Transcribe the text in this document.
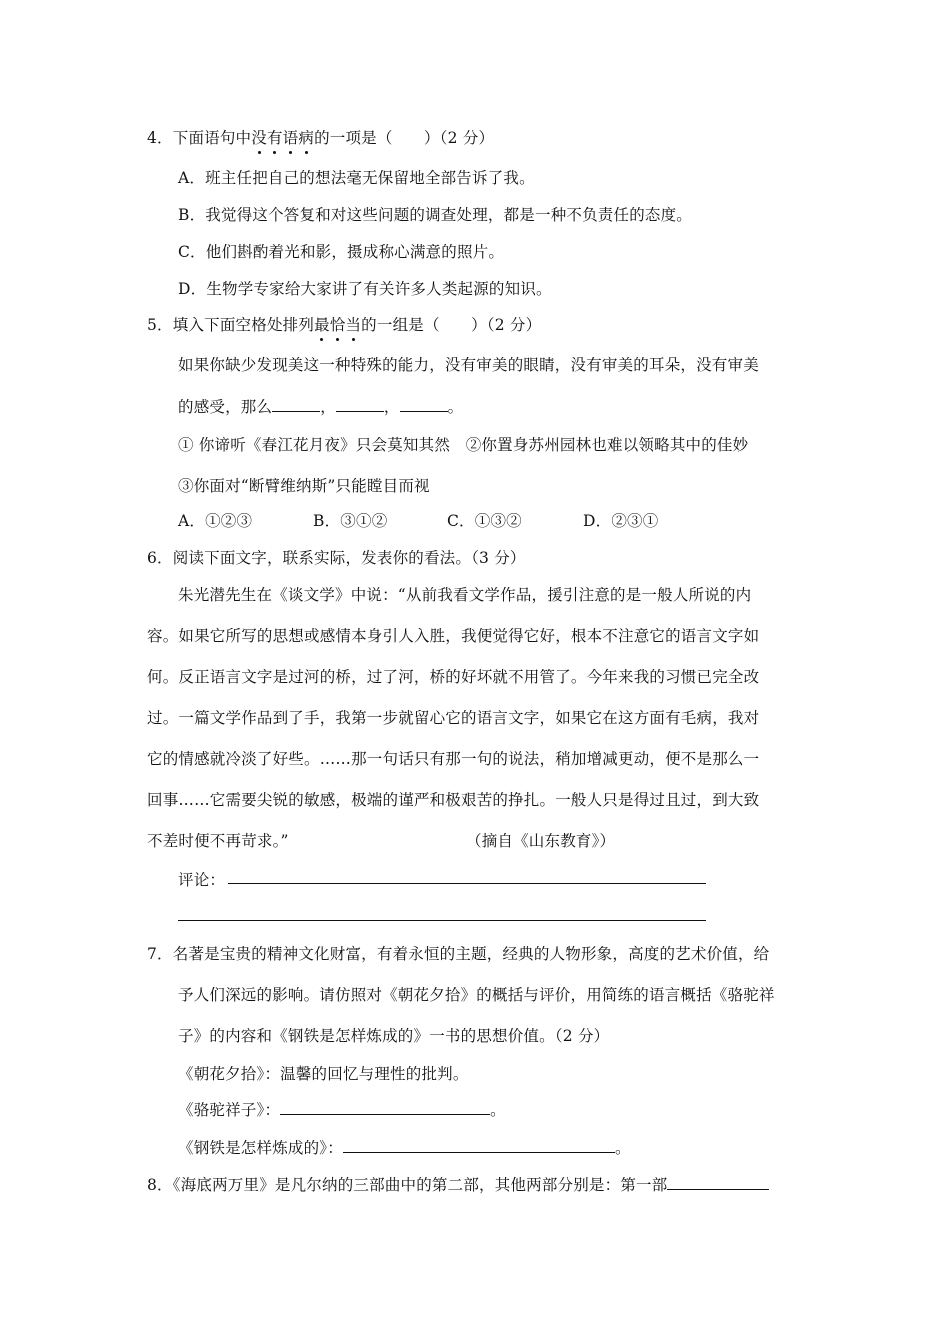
4．下面语句中没有语病的一项是（　　）（2 分）
A．班主任把自己的想法毫无保留地全部告诉了我。
B．我觉得这个答复和对这些问题的调查处理，都是一种不负责任的态度。
C．他们斟酌着光和影，摄成称心满意的照片。
D．生物学专家给大家讲了有关许多人类起源的知识。
5．填入下面空格处排列最恰当的一组是（　　）（2 分）
如果你缺少发现美这一种特殊的能力，没有审美的眼睛，没有审美的耳朵，没有审美
的感受，那么	，	，	。
① 你谛听《春江花月夜》只会莫知其然　②你置身苏州园林也难以领略其中的佳妙
③你面对“断臂维纳斯”只能瞠目而视
A．①②③	B．③①②	C．①③②	D．②③①
6．阅读下面文字，联系实际，发表你的看法。（3 分）
朱光潜先生在《谈文学》中说：“从前我看文学作品，援引注意的是一般人所说的内
容。如果它所写的思想或感情本身引人入胜，我便觉得它好，根本不注意它的语言文字如
何。反正语言文字是过河的桥，过了河，桥的好坏就不用管了。今年来我的习惯已完全改
过。一篇文学作品到了手，我第一步就留心它的语言文字，如果它在这方面有毛病，我对
它的情感就冷淡了好些。……那一句话只有那一句的说法，稍加增减更动，便不是那么一
回事……它需要尖锐的敏感，极端的谨严和极艰苦的挣扎。一般人只是得过且过，到大致
不差时便不再苛求。”	（摘自《山东教育》）
评论：
7．名著是宝贵的精神文化财富，有着永恒的主题，经典的人物形象，高度的艺术价值，给
予人们深远的影响。请仿照对《朝花夕拾》的概括与评价，用简练的语言概括《骆驼祥
子》的内容和《钢铁是怎样炼成的》一书的思想价值。（2 分）
《朝花夕拾》：温馨的回忆与理性的批判。
《骆驼祥子》：	。
《钢铁是怎样炼成的》：	。
8．《海底两万里》是凡尔纳的三部曲中的第二部，其他两部分别是：第一部
